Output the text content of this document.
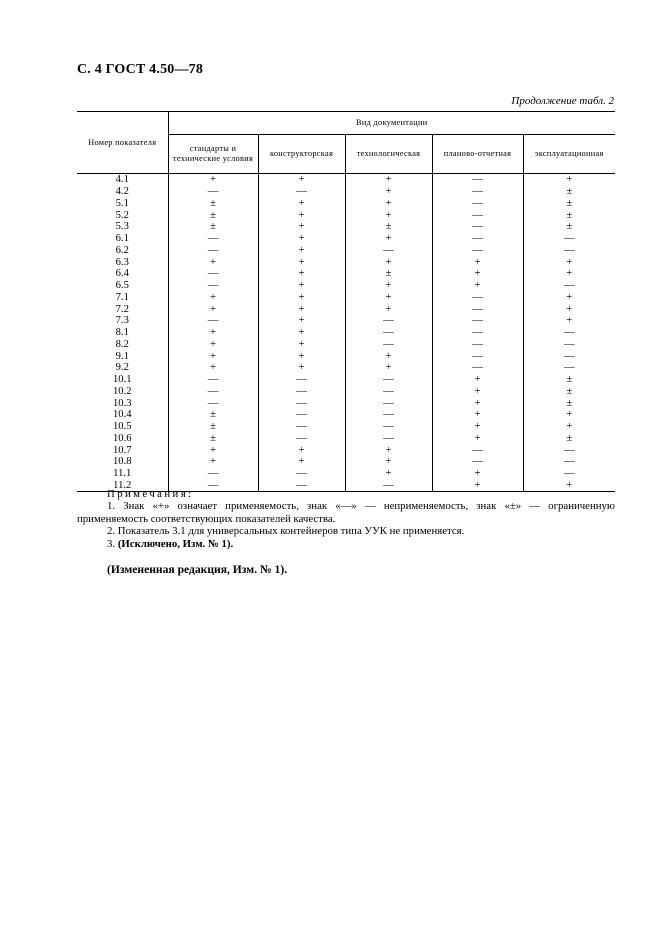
С. 4 ГОСТ 4.50—78
Продолжение табл. 2
Номер показателя	Вид документации				
	стандарты и технические условия	конструкторская	технологическая	планово-отчетная	эксплуатационная
4.1	+	+	+	—	+
4.2	—	—	+	—	±
5.1	±	+	+	—	±
5.2	±	+	+	—	±
5.3	±	+	±	—	±
6.1	—	+	+	—	—
6.2	—	+	—	—	—
6.3	+	+	+	+	+
6.4	—	+	±	+	+
6.5	—	+	+	+	—
7.1	+	+	+	—	+
7.2	+	+	+	—	+
7.3	—	+	—	—	+
8.1	+	+	—	—	—
8.2	+	+	—	—	—
9.1	+	+	+	—	—
9.2	+	+	+	—	—
10.1	—	—	—	+	±
10.2	—	—	—	+	±
10.3	—	—	—	+	±
10.4	±	—	—	+	+
10.5	±	—	—	+	+
10.6	±	—	—	+	±
10.7	+	+	+	—	—
10.8	+	+	+	—	—
11.1	—	—	+	+	—
11.2	—	—	—	+	+
Примечания:
1. Знак «+» означает применяемость, знак «—» — неприменяемость, знак «±» — ограниченную применяемость соответствующих показателей качества.
2. Показатель 3.1 для универсальных контейнеров типа УУК не применяется.
3. (Исключено, Изм. № 1).
(Измененная редакция, Изм. № 1).
